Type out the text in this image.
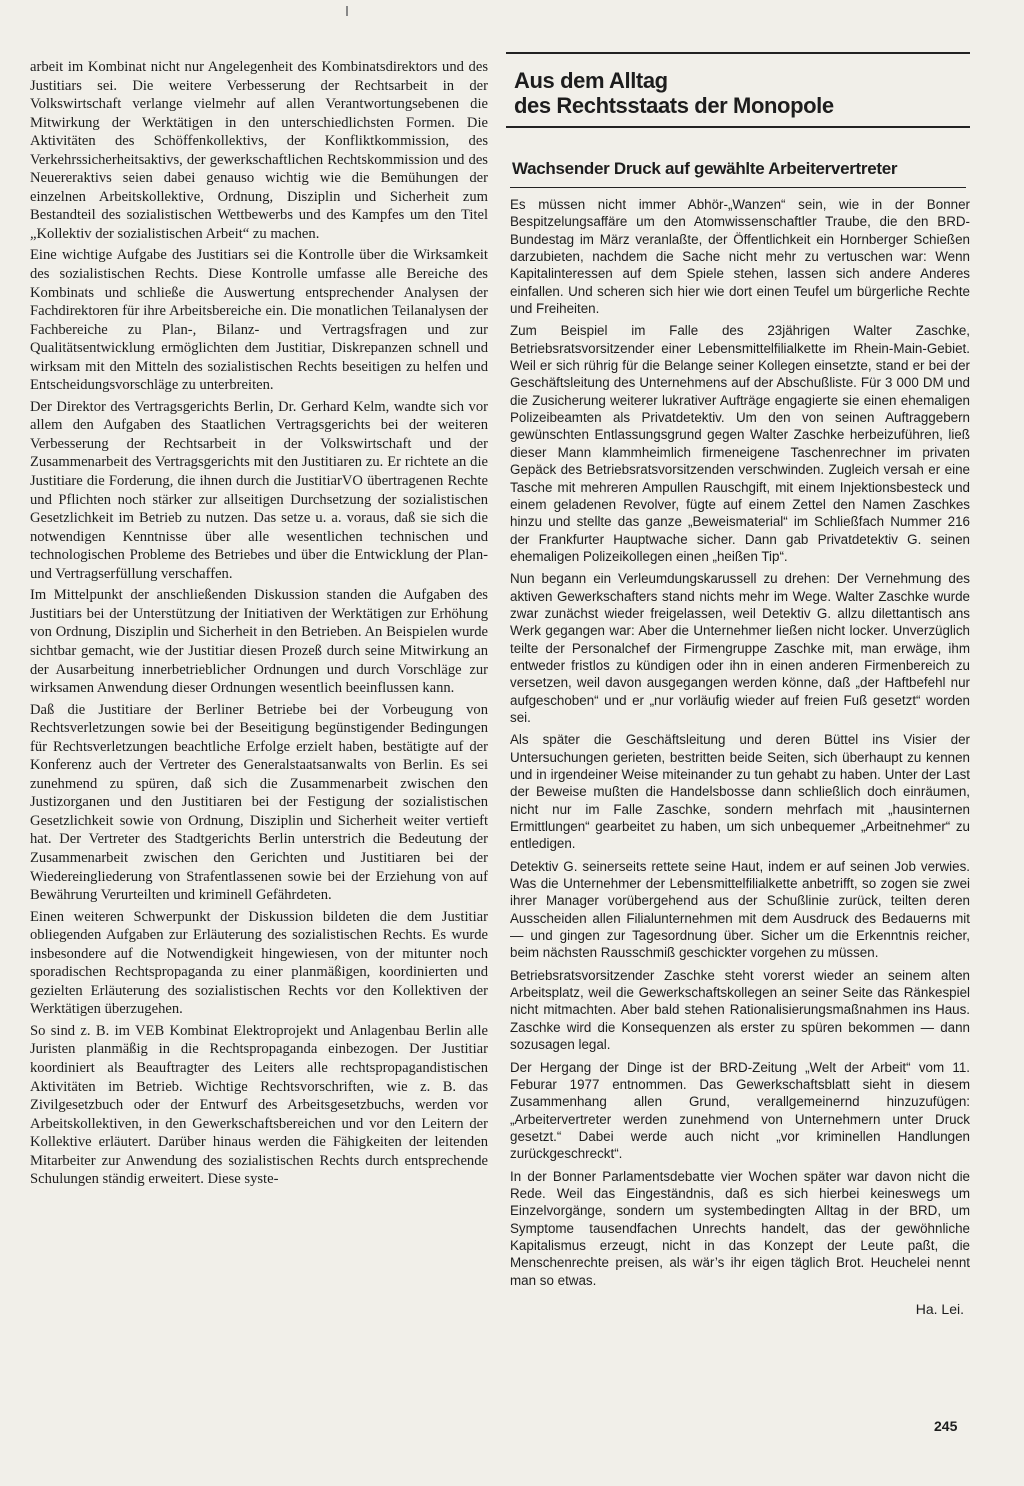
arbeit im Kombinat nicht nur Angelegenheit des Kombinatsdirektors und des Justitiars sei. Die weitere Verbesserung der Rechtsarbeit in der Volkswirtschaft verlange vielmehr auf allen Verantwortungsebenen die Mitwirkung der Werktätigen in den unterschiedlichsten Formen. Die Aktivitäten des Schöffenkollektivs, der Konfliktkommission, des Verkehrssicherheitsaktivs, der gewerkschaftlichen Rechtskommission und des Neuereraktivs seien dabei genauso wichtig wie die Bemühungen der einzelnen Arbeitskollektive, Ordnung, Disziplin und Sicherheit zum Bestandteil des sozialistischen Wettbewerbs und des Kampfes um den Titel „Kollektiv der sozialistischen Arbeit“ zu machen.

Eine wichtige Aufgabe des Justitiars sei die Kontrolle über die Wirksamkeit des sozialistischen Rechts. Diese Kontrolle umfasse alle Bereiche des Kombinats und schließe die Auswertung entsprechender Analysen der Fachdirektoren für ihre Arbeitsbereiche ein. Die monatlichen Teilanalysen der Fachbereiche zu Plan-, Bilanz- und Vertragsfragen und zur Qualitätsentwicklung ermöglichten dem Justitiar, Diskrepanzen schnell und wirksam mit den Mitteln des sozialistischen Rechts beseitigen zu helfen und Entscheidungsvorschläge zu unterbreiten.

Der Direktor des Vertragsgerichts Berlin, Dr. Gerhard Kelm, wandte sich vor allem den Aufgaben des Staatlichen Vertragsgerichts bei der weiteren Verbesserung der Rechtsarbeit in der Volkswirtschaft und der Zusammenarbeit des Vertragsgerichts mit den Justitiaren zu. Er richtete an die Justitiare die Forderung, die ihnen durch die JustitiarVO übertragenen Rechte und Pflichten noch stärker zur allseitigen Durchsetzung der sozialistischen Gesetzlichkeit im Betrieb zu nutzen. Das setze u. a. voraus, daß sie sich die notwendigen Kenntnisse über alle wesentlichen technischen und technologischen Probleme des Betriebes und über die Entwicklung der Plan- und Vertragserfüllung verschaffen.

Im Mittelpunkt der anschließenden Diskussion standen die Aufgaben des Justitiars bei der Unterstützung der Initiativen der Werktätigen zur Erhöhung von Ordnung, Disziplin und Sicherheit in den Betrieben. An Beispielen wurde sichtbar gemacht, wie der Justitiar diesen Prozeß durch seine Mitwirkung an der Ausarbeitung innerbetrieblicher Ordnungen und durch Vorschläge zur wirksamen Anwendung dieser Ordnungen wesentlich beeinflussen kann.

Daß die Justitiare der Berliner Betriebe bei der Vorbeugung von Rechtsverletzungen sowie bei der Beseitigung begünstigender Bedingungen für Rechtsverletzungen beachtliche Erfolge erzielt haben, bestätigte auf der Konferenz auch der Vertreter des Generalstaatsanwalts von Berlin. Es sei zunehmend zu spüren, daß sich die Zusammenarbeit zwischen den Justizorganen und den Justitiaren bei der Festigung der sozialistischen Gesetzlichkeit sowie von Ordnung, Disziplin und Sicherheit weiter vertieft hat. Der Vertreter des Stadtgerichts Berlin unterstrich die Bedeutung der Zusammenarbeit zwischen den Gerichten und Justitiaren bei der Wiedereingliederung von Strafentlassenen sowie bei der Erziehung von auf Bewährung Verurteilten und kriminell Gefährdeten.

Einen weiteren Schwerpunkt der Diskussion bildeten die dem Justitiar obliegenden Aufgaben zur Erläuterung des sozialistischen Rechts. Es wurde insbesondere auf die Notwendigkeit hingewiesen, von der mitunter noch sporadischen Rechtspropaganda zu einer planmäßigen, koordinierten und gezielten Erläuterung des sozialistischen Rechts vor den Kollektiven der Werktätigen überzugehen.

So sind z. B. im VEB Kombinat Elektroprojekt und Anlagenbau Berlin alle Juristen planmäßig in die Rechtspropaganda einbezogen. Der Justitiar koordiniert als Beauftragter des Leiters alle rechtspropagandistischen Aktivitäten im Betrieb. Wichtige Rechtsvorschriften, wie z. B. das Zivilgesetzbuch oder der Entwurf des Arbeitsgesetzbuchs, werden vor Arbeitskollektiven, in den Gewerkschaftsbereichen und vor den Leitern der Kollektive erläutert. Darüber hinaus werden die Fähigkeiten der leitenden Mitarbeiter zur Anwendung des sozialistischen Rechts durch entsprechende Schulungen ständig erweitert. Diese syste-

Aus dem Alltag
des Rechtsstaats der Monopole
Wachsender Druck auf gewählte Arbeitervertreter

Es müssen nicht immer Abhör-„Wanzen“ sein, wie in der Bonner Bespitzelungsaffäre um den Atomwissenschaftler Traube, die den BRD-Bundestag im März veranlaßte, der Öffentlichkeit ein Hornberger Schießen darzubieten, nachdem die Sache nicht mehr zu vertuschen war: Wenn Kapitalinteressen auf dem Spiele stehen, lassen sich andere Anderes einfallen. Und scheren sich hier wie dort einen Teufel um bürgerliche Rechte und Freiheiten.

Zum Beispiel im Falle des 23jährigen Walter Zaschke, Betriebsratsvorsitzender einer Lebensmittelfilialkette im Rhein-Main-Gebiet. Weil er sich rührig für die Belange seiner Kollegen einsetzte, stand er bei der Geschäftsleitung des Unternehmens auf der Abschußliste. Für 3 000 DM und die Zusicherung weiterer lukrativer Aufträge engagierte sie einen ehemaligen Polizeibeamten als Privatdetektiv. Um den von seinen Auftraggebern gewünschten Entlassungsgrund gegen Walter Zaschke herbeizuführen, ließ dieser Mann klammheimlich firmeneigene Taschenrechner im privaten Gepäck des Betriebsratsvorsitzenden verschwinden. Zugleich versah er eine Tasche mit mehreren Ampullen Rauschgift, mit einem Injektionsbesteck und einem geladenen Revolver, fügte auf einem Zettel den Namen Zaschkes hinzu und stellte das ganze „Beweismaterial“ im Schließfach Nummer 216 der Frankfurter Hauptwache sicher. Dann gab Privatdetektiv G. seinen ehemaligen Polizeikollegen einen „heißen Tip“.

Nun begann ein Verleumdungskarussell zu drehen: Der Vernehmung des aktiven Gewerkschafters stand nichts mehr im Wege. Walter Zaschke wurde zwar zunächst wieder freigelassen, weil Detektiv G. allzu dilettantisch ans Werk gegangen war: Aber die Unternehmer ließen nicht locker. Unverzüglich teilte der Personalchef der Firmengruppe Zaschke mit, man erwäge, ihm entweder fristlos zu kündigen oder ihn in einen anderen Firmenbereich zu versetzen, weil davon ausgegangen werden könne, daß „der Haftbefehl nur aufgeschoben“ und er „nur vorläufig wieder auf freien Fuß gesetzt“ worden sei.

Als später die Geschäftsleitung und deren Büttel ins Visier der Untersuchungen gerieten, bestritten beide Seiten, sich überhaupt zu kennen und in irgendeiner Weise miteinander zu tun gehabt zu haben. Unter der Last der Beweise mußten die Handelsbosse dann schließlich doch einräumen, nicht nur im Falle Zaschke, sondern mehrfach mit „hausinternen Ermittlungen“ gearbeitet zu haben, um sich unbequemer „Arbeitnehmer“ zu entledigen.

Detektiv G. seinerseits rettete seine Haut, indem er auf seinen Job verwies. Was die Unternehmer der Lebensmittelfilialkette anbetrifft, so zogen sie zwei ihrer Manager vorübergehend aus der Schußlinie zurück, teilten deren Ausscheiden allen Filialunternehmen mit dem Ausdruck des Bedauerns mit — und gingen zur Tagesordnung über. Sicher um die Erkenntnis reicher, beim nächsten Rausschmiß geschickter vorgehen zu müssen.

Betriebsratsvorsitzender Zaschke steht vorerst wieder an seinem alten Arbeitsplatz, weil die Gewerkschaftskollegen an seiner Seite das Ränkespiel nicht mitmachten. Aber bald stehen Rationalisierungsmaßnahmen ins Haus. Zaschke wird die Konsequenzen als erster zu spüren bekommen — dann sozusagen legal.

Der Hergang der Dinge ist der BRD-Zeitung „Welt der Arbeit“ vom 11. Feburar 1977 entnommen. Das Gewerkschaftsblatt sieht in diesem Zusammenhang allen Grund, verallgemeinernd hinzuzufügen: „Arbeitervertreter werden zunehmend von Unternehmern unter Druck gesetzt.“ Dabei werde auch nicht „vor kriminellen Handlungen zurückgeschreckt“.

In der Bonner Parlamentsdebatte vier Wochen später war davon nicht die Rede. Weil das Eingeständnis, daß es sich hierbei keineswegs um Einzelvorgänge, sondern um systembedingten Alltag in der BRD, um Symptome tausendfachen Unrechts handelt, das der gewöhnliche Kapitalismus erzeugt, nicht in das Konzept der Leute paßt, die Menschenrechte preisen, als wär’s ihr eigen täglich Brot. Heuchelei nennt man so etwas.

Ha. Lei.
245
